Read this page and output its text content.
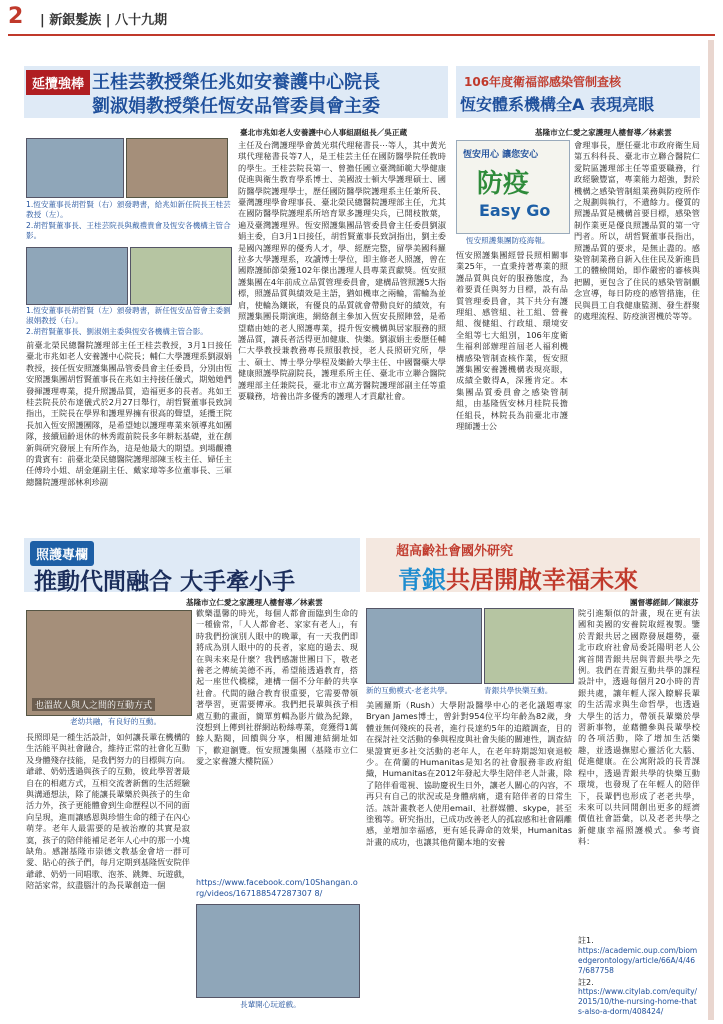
2 | 新銀髮族 | 八十九期
延攬強棒 王桂芸教授榮任兆如安養護中心院長
劉淑娟教授榮任恆安品管委員會主委
臺北市兆如老人安養護中心人事組副組長／吳正蔵
1.恆安董事長胡哲賢（右）頒發聘書，給兆如新任院長王桂芸教授（左）。
2.胡哲賢董事長、王桂芸院長與戴禮貴會及恆安各機構主管合影。
1.恆安董事長胡哲賢（左）頒發聘書，新任恆安品管會主委劉淑娟教授（右）。
2.胡哲賢董事長、劉淑娟主委與恆安各機構主管合影。
前臺北榮民總醫院護理部主任王桂芸教授，3月1日接任臺北市兆如老人安養護中心院長；輔仁大學護理系劉淑娟教授，接任恆安照護集團品管委員會主任委員，分別由恆安照護集團胡哲賢董事長在兆如主持接任儀式，期勉她們發揮護理專業，提升照護品質，造福更多的長者。兆如王桂芸院長於布達儀式於2月27日舉行，胡哲賢董事長致詞指出，王院長在學界和護理界擁有很高的聲望，延攬王院長加入恆安照護團隊，是希望她以護理專業來領導兆如團隊，接續屆齡退休的林秀霞前院長多年耕耘基礎，並在創新與研究發展上有所作為，這是他最大的期望。到場觀禮的貴賓有：前臺北榮民總醫院護理部陳玉枝主任、婦任主任傅玲小姐、胡金蓮副主任、戴家璋等多位董事長、三軍總醫院護理部林利珍副
主任及台灣護理學會黃光琪代理秘書長⋯等人，其中黃光琪代理秘書長等7人，是王桂芸主任在國防醫學院任教時的學生。王桂芸院長第一、曾擔任國立臺灣師範大學健康促進與衛生教育學系博士、美國波士頓大學護理碩士、國防醫學院護理學士，歷任國防醫學院護理系主任兼所長、臺灣護理學會理事長、臺北榮民總醫院護理部主任，尤其在國防醫學院護理系所培育眾多護理尖兵，已開枝散葉，遍及臺灣護理界。恆安照護集團品管委員會主任委員劉淑娟主委，自3月1日接任，胡哲賢董事長致詞指出，劉主委是國內護理界的優秀人才，學、經歷完整，留學美國科羅拉多大學護理系，攻讀博士學位，即主修老人照護，曾在國際護師節榮獲102年傑出護理人員專業貢獻獎。恆安照護集團在4年前成立品質管理委員會，建構品管照護5大指標，照護品質與績效是主語，猶如機車之兩輪，需輪為並肩，使輪為鑲嵌，有優良的品質就會帶動良好的績效，有照護集團長期演進，網絡創主參加入恆安長照陣營，是希望藉由她的老人照護專業，提升恆安機構與居家服務的照護品質，讓長者活得更加健康、快樂。劉淑娟主委歷任輔仁大學教授兼教務專長照服教授，老人長照研究所，學士、碩士、博士學分學程及樂齡大學主任、中國醫藥大學健康照護學院副院長，護理系所主任、臺北市立聯合醫院護理部主任兼院長，臺北市立萬芳醫院護理部副主任等重要職務，培養出許多優秀的護理人才貢獻社會。
106年度衛福部感染管制查核
恆安體系機構全A 表現亮眼
基隆市立仁愛之家護理人樓督導／林素雲
恆安用心 讓您安心
防疫
Easy Go
恆安照護集團防疫海報。
恆安照護集團經營長照相關事業25年，一直秉持著專業的照護品質與良好的服務態度，為着要責任與努力目標，設有品質管理委員會，其下共分有護理組、感管組、社工組、營養組、復健組、行政組、環境安全組等七大組別，106年度衛生福利部辦理首屆老人福利機構感染管制查核作業，恆安照護集團安養護機構表現亮眼，成績全數得A，深獲肯定。本集團品質委員會之感染管制組，由基隆恆安林月桂院長擔任組長，林院長為前臺北市護理師護士公
會理事長，歷任臺北市政府衛生局第五科科長、臺北市立聯合醫院仁愛院區護理部主任等重要職務，行政經驗豐富，專業能力超強，對於機構之感染管制組業務與防疫所作之規劃與執行，不遺餘力。優質的照護品質是機構首要目標，感染管制作業更是優良照護品質的第一守門者。所以，胡哲賢董事長指出，照護品質的要求，是無止盡的。感染管制業務自新入住住民及新進員工的體檢開始，即作嚴密的審核與把關，更包含了住民的感染管制觀念宣導，每日防疫的感管措施，住民與員工自我健康監測、發生群聚的處理流程、防疫演習機於等等。
照護專欄
推動代間融合 大手牽小手
基隆市立仁愛之家護理人樓督導／林素雲
也溫故人與人之間的互動方式
老幼共融，有良好的互動。
長照即是一種生活設計，如何讓長輩在機構的生活能平與社會融合，維持正常的社會化互動及身體殘存技能，是我們努力的目標與方向。爺爺、奶奶透過與孩子的互動，彼此學習著最自在的相處方式，互相交流著新舊的生活經驗與溝通想法，除了能讓長輩樂於與孩子的生命活力外，孩子更能體會到生命歷程以不同的面向呈現，進而讓感恩與珍惜生命的種子在內心萌芽。老年人最需要的是被治療的其實是寂寞，孩子的陪伴能補足老年人心中的那一小塊缺角。感謝基隆市崇德文教基金會培一群可愛、貼心的孩子們，每月定期到基隆恆安院伴爺爺、奶奶一同唱歌、泡茶、跳舞、玩遊戲，陪話家常，紋盡腦汁的為長輩創造一個
歡樂溫馨的時光，每個人都會面臨到生命的一種偷常，「人人都會老、家家有老人」，有時我們扮演別人眼中的晚輩，有一天我們即將成為別人眼中的的長者，家庭的過去、現在與未來是什麼？我們感謝世團日下，敬老養老之傳統美德不再，希望能透過教育，搭起一座世代橋樑，連構一個不分年齡的共享社會。代間的融合教育很重要，它需要帶領著學習，更需要傳承。我們把長輩與孩子相處互動的畫面，簡單剪輯為影片做為紀錄，沒想到上傳到社群網站粉絲專業，竟獲得1萬餘人點閱，回饋與分享，相關連結網址如下，歡迎瀏覽。恆安照護集團（基隆市立仁愛之家養護大樓院區）
https://www.facebook.com/10Shangan.org/videos/167188547287307 8/
長輩開心玩遊戲。
超高齡社會國外研究
青銀共居開啟幸福未來
團督導經師／陳淑芬
新的互動模式-老老共學。	青銀共學快樂互動。
美國羅斯（Rush）大學附設醫學中心的老化議題專家Bryan James博士，曾針對954位平均年齡為82歲，身體並無何殘疾的長者，進行長達約5年的追蹤調查，目的在探討社交活動的參與程度與社會失能的關連性，調查結果證實更多社交活動的老年人，在老年時期認知衰退較少。在荷蘭的Humanitas是知名的社會服務非政府組織，Humanitas在2012年發起大學生陪伴老人計畫，除了陪伴看電視、協助慶祝生日外，讓老人關心的內容，不再只有自己的狀況或是身體病痛，還有陪伴者的日常生活。該計畫教老人使用email、社群媒體、skype，甚至塗鴉等。研究指出，已成功改善老人的孤寂感和社會隔離感，並增加幸福感，更有延長壽命的效果，Humanitas計畫的成功，也讓其他荷蘭本地的安養
院引進類似的計畫，現在更有法國和美國的安養院取經複製。鑒於青銀共居之國際發展趨勢，臺北市政府社會局委託陽明老人公寓首開青銀共居與青銀共學之先例。我們在青銀互動共學的課程設計中，透過每個月20小時的青銀共處，讓年輕人深入瞭解長輩的生活需求與生命哲學，也透過大學生的活力，帶領長輩樂於學習新事物，並藉體參與長輩學校的各項活動，除了增加生活樂趣，並透過撫慰心靈活化大腦、促進健康。在公寓附設的長青課程中，透過青銀共學的快樂互動環境，也發現了在年輕人的陪伴下，長輩們也形成了老老共學，未來可以共同開創出更多的經濟價值社會語彙，以及老老共學之新健康幸福照護模式。參考資料：
註1.
https://academic.oup.com/biomedgerontology/article/66A/4/467/687758
註2.
https://www.citylab.com/equity/2015/10/the-nursing-home-thats-also-a-dorm/408424/
